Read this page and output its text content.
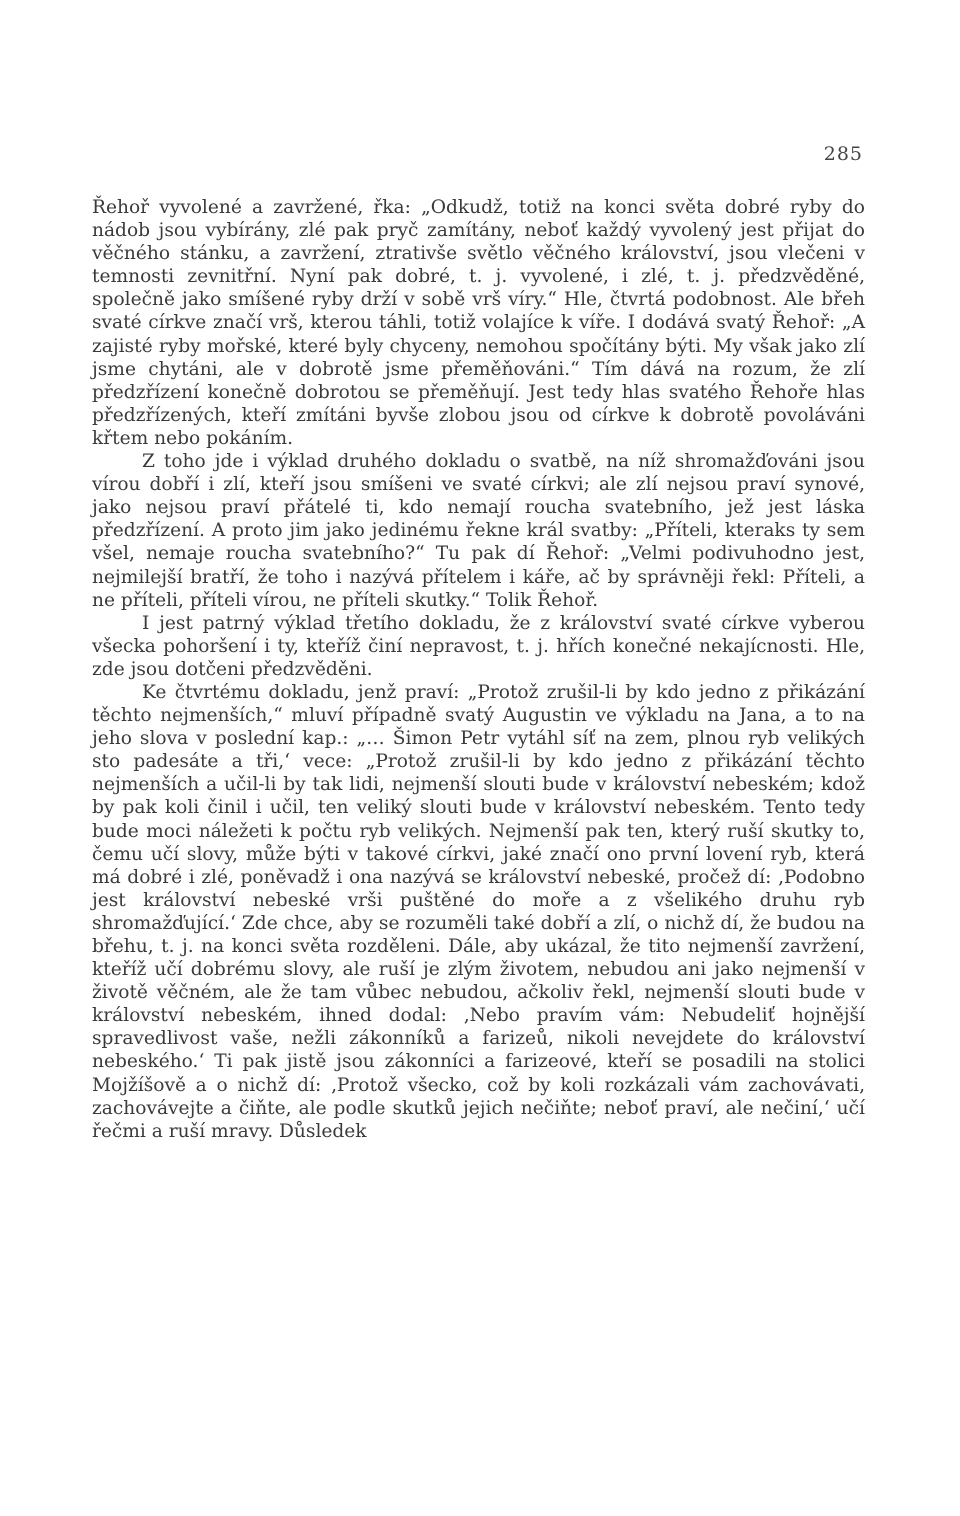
285

Řehoř vyvolené a zavržené, řka: „Odkudž, totiž na konci světa dobré ryby do nádob jsou vybírány, zlé pak pryč zamítány, neboť každý vyvolený jest přijat do věčného stánku, a zavržení, ztrativše světlo věčného království, jsou vlečeni v temnosti zevnitřní. Nyní pak dobré, t. j. vyvolené, i zlé, t. j. předzvěděné, společně jako smíšené ryby drží v sobě vrš víry.“ Hle, čtvrtá podobnost. Ale břeh svaté církve značí vrš, kterou táhli, totiž volajíce k víře. I dodává svatý Řehoř: „A zajisté ryby mořské, které byly chyceny, nemohou spočítány býti. My však jako zlí jsme chytáni, ale v dobrotě jsme přeměňováni.“ Tím dává na rozum, že zlí předzřízení konečně dobrotou se přeměňují. Jest tedy hlas svatého Řehoře hlas předzřízených, kteří zmítáni byvše zlobou jsou od církve k dobrotě povoláváni křtem nebo pokáním.

Z toho jde i výklad druhého dokladu o svatbě, na níž shromažďováni jsou vírou dobří i zlí, kteří jsou smíšeni ve svaté církvi; ale zlí nejsou praví synové, jako nejsou praví přátelé ti, kdo nemají roucha svatebního, jež jest láska předzřízení. A proto jim jako jedinému řekne král svatby: „Příteli, kteraks ty sem všel, nemaje roucha svatebního?“ Tu pak dí Řehoř: „Velmi podivuhodno jest, nejmilejší bratří, že toho i nazývá přítelem i káře, ač by správněji řekl: Příteli, a ne příteli, příteli vírou, ne příteli skutky.“ Tolik Řehoř.

I jest patrný výklad třetího dokladu, že z království svaté církve vyberou všecka pohoršení i ty, kteříž činí nepravost, t. j. hřích konečné nekajícnosti. Hle, zde jsou dotčeni předzvěděni.

Ke čtvrtému dokladu, jenž praví: „Protož zrušil-li by kdo jedno z přikázání těchto nejmenších,“ mluví případně svatý Augustin ve výkladu na Jana, a to na jeho slova v poslední kap.: „… Šimon Petr vytáhl síť na zem, plnou ryb velikých sto padesáte a tři,‘ vece: „Protož zrušil-li by kdo jedno z přikázání těchto nejmenších a učil-li by tak lidi, nejmenší slouti bude v království nebeském; kdož by pak koli činil i učil, ten veliký slouti bude v království nebeském. Tento tedy bude moci náležeti k počtu ryb velikých. Nejmenší pak ten, který ruší skutky to, čemu učí slovy, může býti v takové církvi, jaké značí ono první lovení ryb, která má dobré i zlé, poněvadž i ona nazývá se království nebeské, pročež dí: ‚Podobno jest království nebeské vrši puštěné do moře a z všelikého druhu ryb shromažďující.‘ Zde chce, aby se rozuměli také dobří a zlí, o nichž dí, že budou na břehu, t. j. na konci světa rozděleni. Dále, aby ukázal, že tito nejmenší zavržení, kteříž učí dobrému slovy, ale ruší je zlým životem, nebudou ani jako nejmenší v životě věčném, ale že tam vůbec nebudou, ačkoliv řekl, nejmenší slouti bude v království nebeském, ihned dodal: ‚Nebo pravím vám: Nebudeliť hojnější spravedlivost vaše, nežli zákonníků a farizeů, nikoli nevejdete do království nebeského.‘ Ti pak jistě jsou zákonníci a farizeové, kteří se posadili na stolici Mojžíšově a o nichž dí: ‚Protož všecko, což by koli rozkázali vám zachovávati, zachovávejte a čiňte, ale podle skutků jejich nečiňte; neboť praví, ale nečiní,‘ učí řečmi a ruší mravy. Důsledek
